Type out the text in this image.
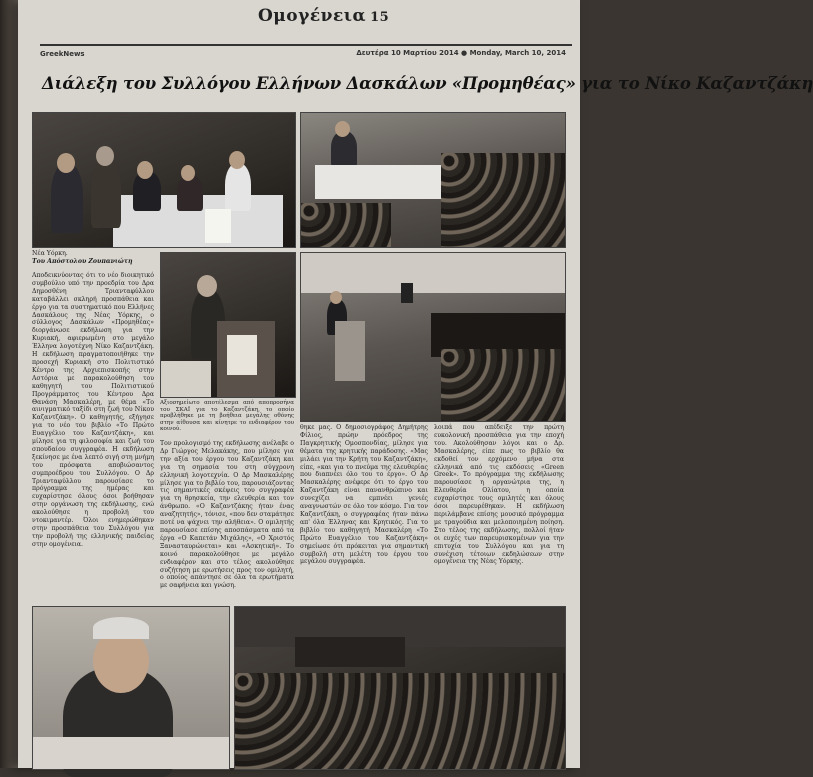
Ομογένεια 15
GreekNews	Δευτέρα 10 Μαρτίου 2014 ● Monday, March 10, 2014
Διάλεξη του Συλλόγου Ελλήνων Δασκάλων «Προμηθέας» για το Νίκο Καζαντζάκη
Νέα Υόρκη.
Του Απόστολου Ζουπανιώτη
Αξιοσημείωτο αποτέλεσμα από αποπροσήνα του ΣΚΑΪ για το Καζαντζάκη, το οποίο προβλήθηκε με τη βοήθεια μεγάλης οθόνης στην αίθουσα και κίνητρε το ενδιαφέρον του κοινού.
Αποδεικνύοντας ότι το νέο διοικητικό συμβούλιο υπό την προεδρία του Δρα Δημοσθένη Τριανταφύλλου καταβάλλει σκληρή προσπάθεια και έργο για τα συστηματικό που Ελλήνες Δασκάλους της Νέας Υόρκης, ο σύλλογος Δασκάλων «Προμηθέας» διοργάνωσε εκδήλωση για την Κυριακή, αφιερωμένη στο μεγάλο Έλληνα λογοτέχνη Νίκο Καζαντζάκη. Η εκδήλωση πραγματοποιήθηκε την προσεχή Κυριακή στο Πολιτιστικό Κέντρο της Αρχιεπισκοπής στην Αστόρια με παρακολούθηση του καθηγητή του Πολιτιστικού Προγράμματος του Κέντρου Δρα Θανάση Μασκαλέρη, με θέμα «Το αινιγματικό ταξίδι στη ζωή του Νίκου Καζαντζάκη». Ο καθηγητής, εξήγησε για το νέο του βιβλίο «Το Πρώτο Ευαγγέλιο του Καζαντζάκη», και μίλησε για τη φιλοσοφία και ζωή του σπουδαίου συγγραφέα. Η εκδήλωση ξεκίνησε με ένα λεπτό σιγή στη μνήμη του πρόσφατα αποβιώσαντος συμπροέδρου του Συλλόγου. Ο Δρ Τριανταφύλλου παρουσίασε το πρόγραμμα της ημέρας και ευχαρίστησε όλους όσοι βοήθησαν στην οργάνωση της εκδήλωσης, ενώ ακολούθησε η προβολή του ντοκιμαντέρ. Όλοι ενημερώθηκαν στην προσπάθεια του Συλλόγου για την προβολή της ελληνικής παιδείας στην ομογένεια.
Τον προλογισμό της εκδήλωσης ανέλαβε ο Δρ Γιώργος Μελακάκης, που μίλησε για την αξία του έργου του Καζαντζάκη και για τη σημασία του στη σύγχρονη ελληνική λογοτεχνία. Ο Δρ Μασκαλέρης μίλησε για το βιβλίο του, παρουσιάζοντας τις σημαντικές σκέψεις του συγγραφέα για τη θρησκεία, την ελευθερία και τον άνθρωπο. «Ο Καζαντζάκης ήταν ένας αναζητητής», τόνισε, «που δεν σταμάτησε ποτέ να ψάχνει την αλήθεια». Ο ομιλητής παρουσίασε επίσης αποσπάσματα από τα έργα «Ο Καπετάν Μιχάλης», «Ο Χριστός Ξανασταυρώνεται» και «Ασκητική». Το κοινό παρακολούθησε με μεγάλο ενδιαφέρον και στο τέλος ακολούθησε συζήτηση με ερωτήσεις προς τον ομιλητή, ο οποίος απάντησε σε όλα τα ερωτήματα με σαφήνεια και γνώση.
θηκε μας. Ο δημοσιογράφος Δημήτρης Φίλιος, πρώην πρόεδρος της Παγκρητικής Ομοσπονδίας, μίλησε για θέματα της κρητικής παράδοσης. «Μας μιλάει για την Κρήτη του Καζαντζάκη», είπε, «και για το πνεύμα της ελευθερίας που διαπνέει όλο του το έργο». Ο Δρ Μασκαλέρης ανέφερε ότι το έργο του Καζαντζάκη είναι πανανθρώπινο και συνεχίζει να εμπνέει γενιές αναγνωστών σε όλο τον κόσμο. Για τον Καζαντζάκη, ο συγγραφέας ήταν πάνω απ' όλα Έλληνας και Κρητικός. Για το βιβλίο του καθηγητή Μασκαλέρη «Το Πρώτο Ευαγγέλιο του Καζαντζάκη» σημείωσε ότι πρόκειται για σημαντική συμβολή στη μελέτη του έργου του μεγάλου συγγραφέα.
λοιπά που απέδειξε την πρώτη ευκολονική προσπάθεια για την εποχή του. Ακολούθησαν λόγοι και ο Δρ. Μασκαλέρης, είπε πως το βιβλίο θα εκδοθεί τον ερχόμενο μήνα στα ελληνικά από τις εκδόσεις «Green Greek». Το πρόγραμμα της εκδήλωσης παρουσίασε η οργανώτρια της, η Ελευθερία Ολίατου, η οποία ευχαρίστησε τους ομιλητές και όλους όσοι παρευρέθηκαν. Η εκδήλωση περιλάμβανε επίσης μουσικό πρόγραμμα με τραγούδια και μελοποιημένη ποίηση. Στο τέλος της εκδήλωσης, πολλοί ήταν οι ευχές των παρευρισκομένων για την επιτυχία του Συλλόγου και για τη συνέχιση τέτοιων εκδηλώσεων στην ομογένεια της Νέας Υόρκης.
